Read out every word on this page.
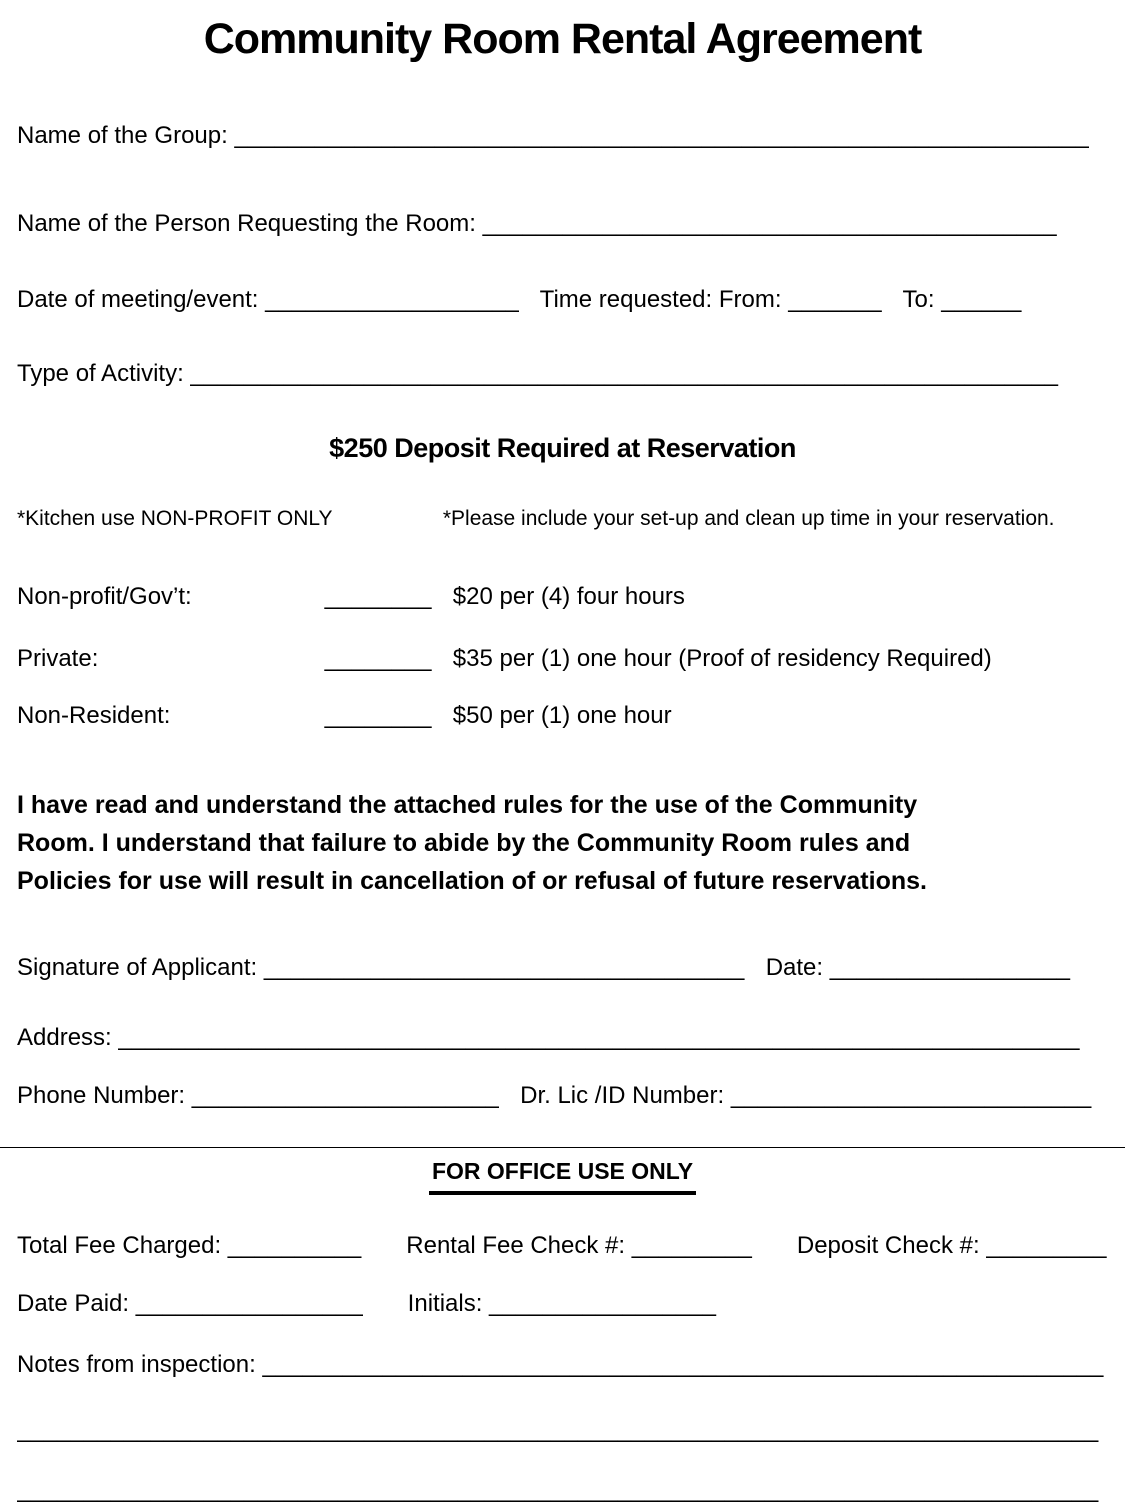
Community Room Rental Agreement
Name of the Group: ________________________________________________________________
Name of the Person Requesting the Room: ___________________________________________
Date of meeting/event: ___________________ Time requested: From: _______ To: ______
Type of Activity: _________________________________________________________________
$250 Deposit Required at Reservation
*Kitchen use NON-PROFIT ONLY	*Please include your set-up and clean up time in your reservation.
Non-profit/Gov’t:	________ $20 per (4) four hours
Private:	________ $35 per (1) one hour (Proof of residency Required)
Non-Resident:	________ $50 per (1) one hour
I have read and understand the attached rules for the use of the Community
Room. I understand that failure to abide by the Community Room rules and
Policies for use will result in cancellation of or refusal of future reservations.
Signature of Applicant: ____________________________________ Date: __________________
Address: ________________________________________________________________________
Phone Number: _______________________ Dr. Lic /ID Number: ___________________________
FOR OFFICE USE ONLY
Total Fee Charged: __________ Rental Fee Check #: _________ Deposit Check #: _________
Date Paid: _________________ Initials: _________________
Notes from inspection: _______________________________________________________________
_________________________________________________________________________________
_________________________________________________________________________________
